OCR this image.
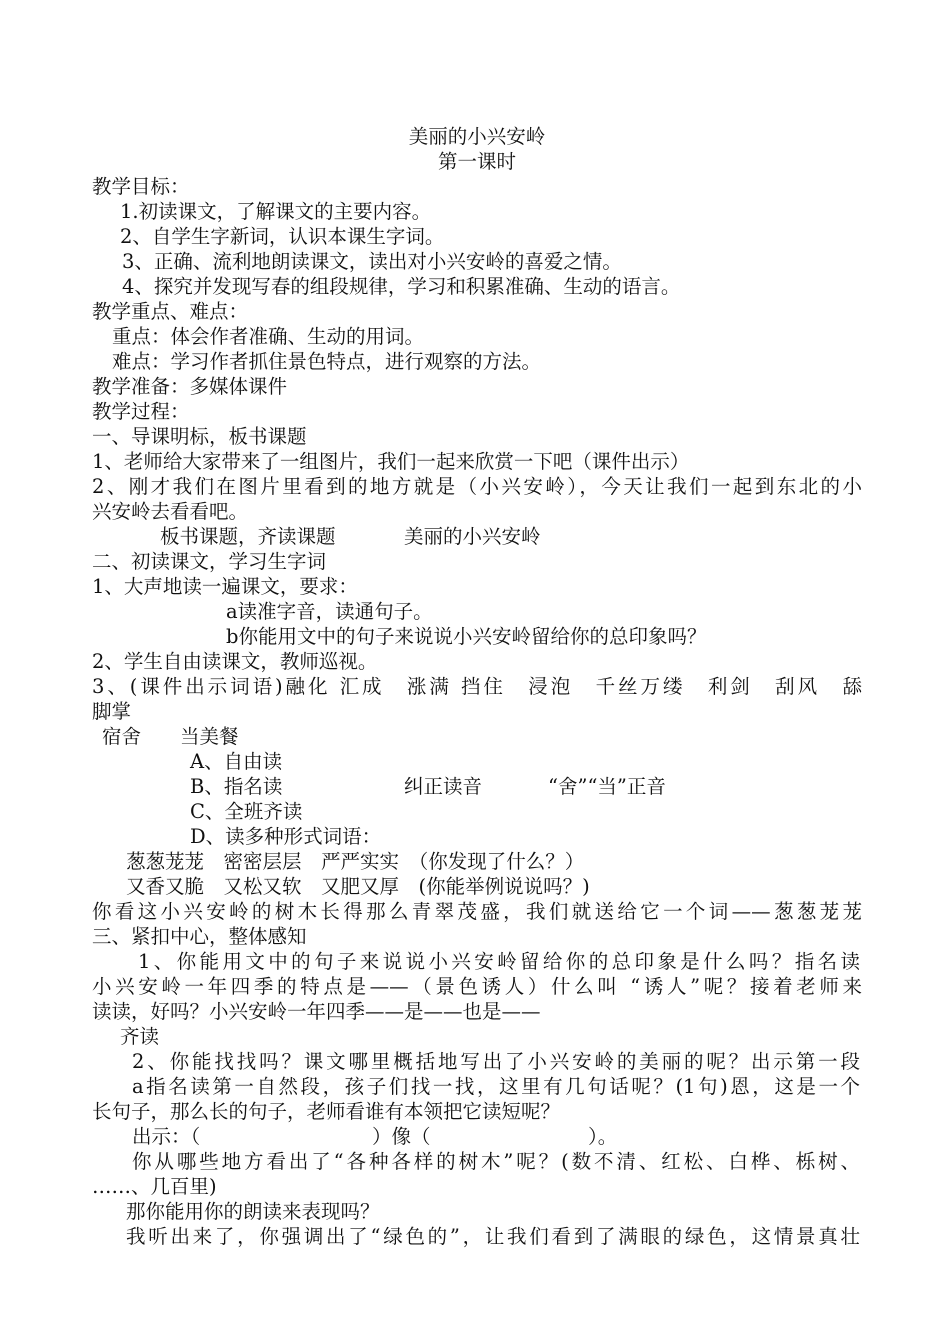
美丽的小兴安岭
第一课时
教学目标：
1.初读课文，了解课文的主要内容。
2、自学生字新词，认识本课生字词。
3、正确、流利地朗读课文，读出对小兴安岭的喜爱之情。
4、探究并发现写春的组段规律，学习和积累准确、生动的语言。
教学重点、难点：
重点：体会作者准确、生动的用词。
难点：学习作者抓住景色特点，进行观察的方法。
教学准备：多媒体课件
教学过程：
一、导课明标，板书课题
1、老师给大家带来了一组图片，我们一起来欣赏一下吧（课件出示）
2、刚才我们在图片里看到的地方就是（小兴安岭），今天让我们一起到东北的小
兴安岭去看看吧。
板书课题，齐读课题	美丽的小兴安岭
二、初读课文，学习生字词
1、大声地读一遍课文，要求：
a读准字音，读通句子。
b你能用文中的句子来说说小兴安岭留给你的总印象吗？
2、学生自由读课文，教师巡视。
3、(课件出示词语)融化 汇成　涨满 挡住　浸泡　千丝万缕　利剑　刮风　舔
脚掌
宿舍	当美餐
A、自由读
B、指名读	纠正读音	“舍”“当”正音
C、全班齐读
D、读多种形式词语：
葱葱茏茏　密密层层　严严实实　（你发现了什么？）
又香又脆　又松又软　又肥又厚　(你能举例说说吗？)
你看这小兴安岭的树木长得那么青翠茂盛，我们就送给它一个词——葱葱茏茏
三、紧扣中心，整体感知
1、你能用文中的句子来说说小兴安岭留给你的总印象是什么吗？指名读
小兴安岭一年四季的特点是——（景色诱人）什么叫 “诱人”呢？接着老师来
读读，好吗？小兴安岭一年四季——是——也是——
齐读
2、你能找找吗？课文哪里概括地写出了小兴安岭的美丽的呢？出示第一段
a指名读第一自然段，孩子们找一找，这里有几句话呢？(1句)恩，这是一个
长句子，那么长的句子，老师看谁有本领把它读短呢？
出示：（	）像（	）。
你从哪些地方看出了“各种各样的树木”呢？(数不清、红松、白桦、栎树、
……、几百里)
那你能用你的朗读来表现吗？
我听出来了，你强调出了“绿色的”，让我们看到了满眼的绿色，这情景真壮
